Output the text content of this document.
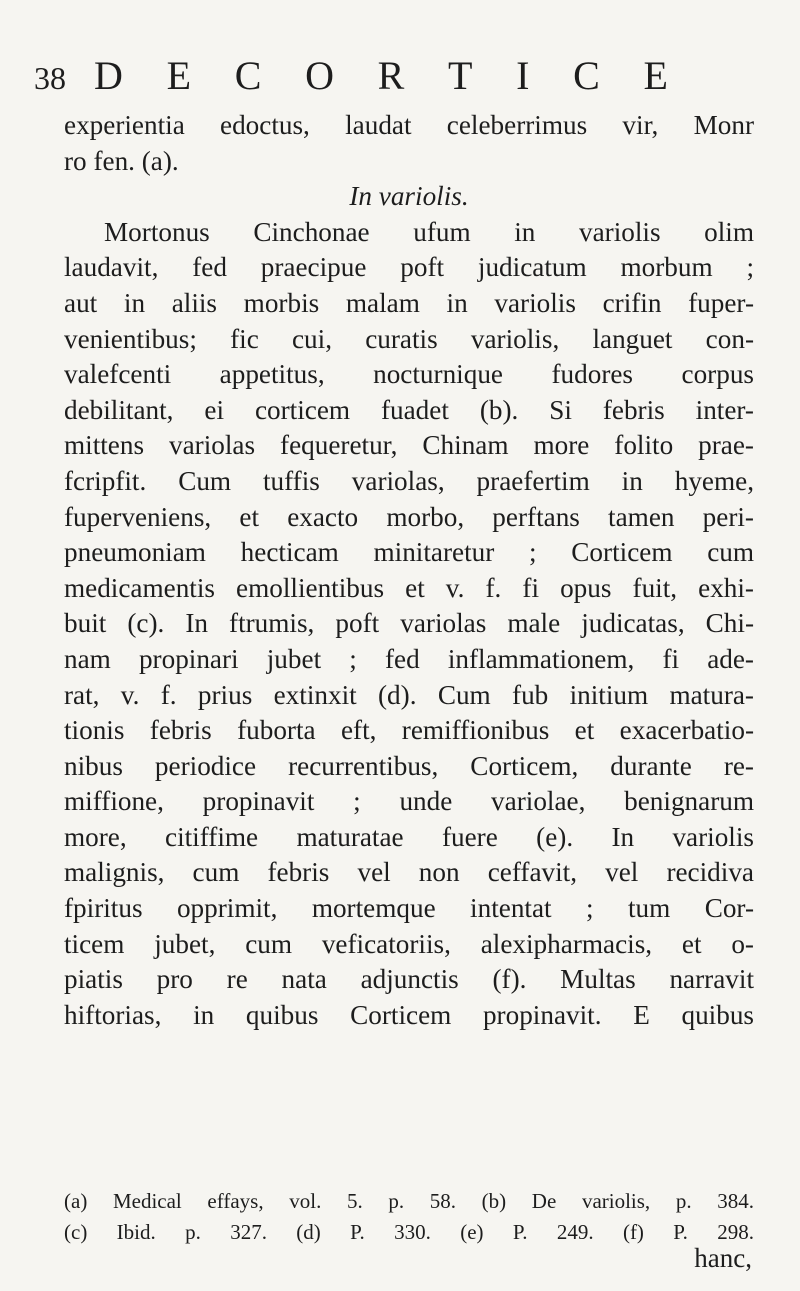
38 D E C O R T I C E
experientia edoctus, laudat celeberrimus vir, Monr
ro fen. (a).
In variolis.
Mortonus Cinchonae ufum in variolis olim
laudavit, fed praecipue poft judicatum morbum ;
aut in aliis morbis malam in variolis crifin fuper-
venientibus; fic cui, curatis variolis, languet con-
valefcenti appetitus, nocturnique fudores corpus
debilitant, ei corticem fuadet (b). Si febris inter-
mittens variolas fequeretur, Chinam more folito prae-
fcripfit. Cum tuffis variolas, praefertim in hyeme,
fuperveniens, et exacto morbo, perftans tamen peri-
pneumoniam hecticam minitaretur ; Corticem cum
medicamentis emollientibus et v. f. fi opus fuit, exhi-
buit (c). In ftrumis, poft variolas male judicatas, Chi-
nam propinari jubet ; fed inflammationem, fi ade-
rat, v. f. prius extinxit (d). Cum fub initium matura-
tionis febris fuborta eft, remiffionibus et exacerbatio-
nibus periodice recurrentibus, Corticem, durante re-
miffione, propinavit ; unde variolae, benignarum
more, citiffime maturatae fuere (e). In variolis
malignis, cum febris vel non ceffavit, vel recidiva
fpiritus opprimit, mortemque intentat ; tum Cor-
ticem jubet, cum veficatoriis, alexipharmacis, et o-
piatis pro re nata adjunctis (f). Multas narravit
hiftorias, in quibus Corticem propinavit. E quibus
(a) Medical effays, vol. 5. p. 58. (b) De variolis, p. 384.
(c) Ibid. p. 327. (d) P. 330. (e) P. 249. (f) P. 298.
hanc,
